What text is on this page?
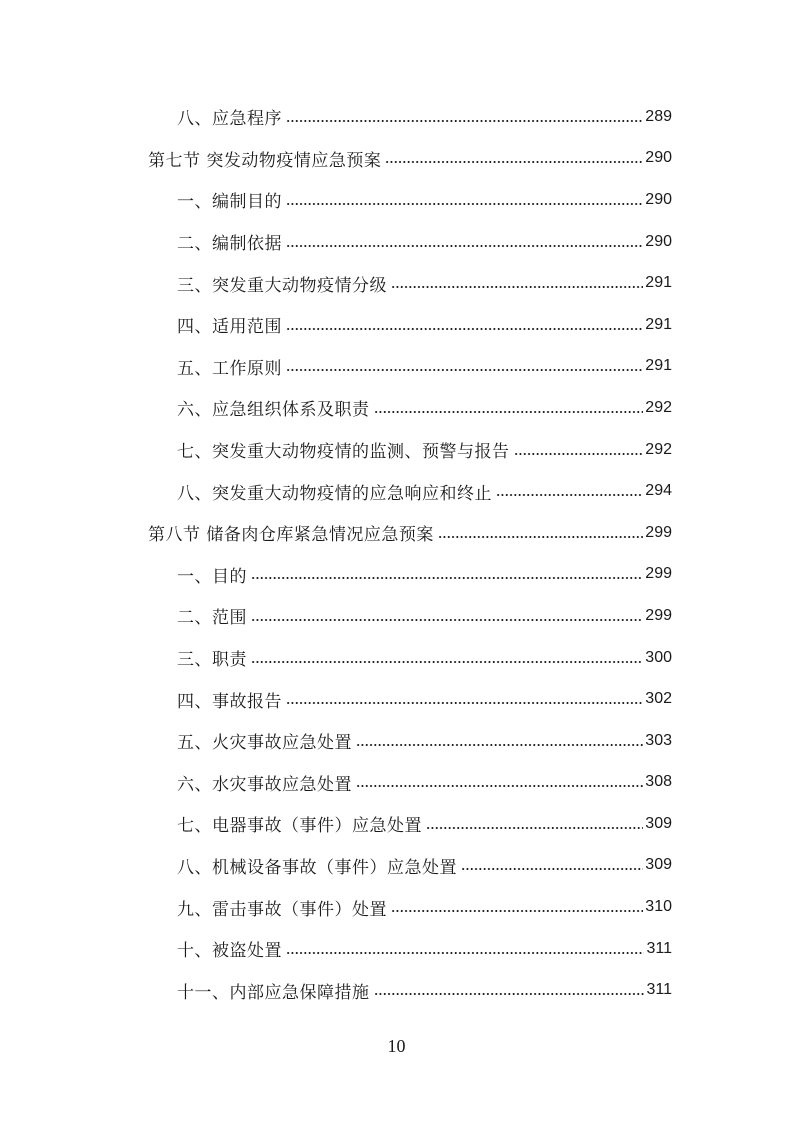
八、应急程序	289
第七节 突发动物疫情应急预案	290
一、编制目的	290
二、编制依据	290
三、突发重大动物疫情分级	291
四、适用范围	291
五、工作原则	291
六、应急组织体系及职责	292
七、突发重大动物疫情的监测、预警与报告	292
八、突发重大动物疫情的应急响应和终止	294
第八节 储备肉仓库紧急情况应急预案	299
一、目的	299
二、范围	299
三、职责	300
四、事故报告	302
五、火灾事故应急处置	303
六、水灾事故应急处置	308
七、电器事故（事件）应急处置	309
八、机械设备事故（事件）应急处置	309
九、雷击事故（事件）处置	310
十、被盗处置	311
十一、内部应急保障措施	311
10
